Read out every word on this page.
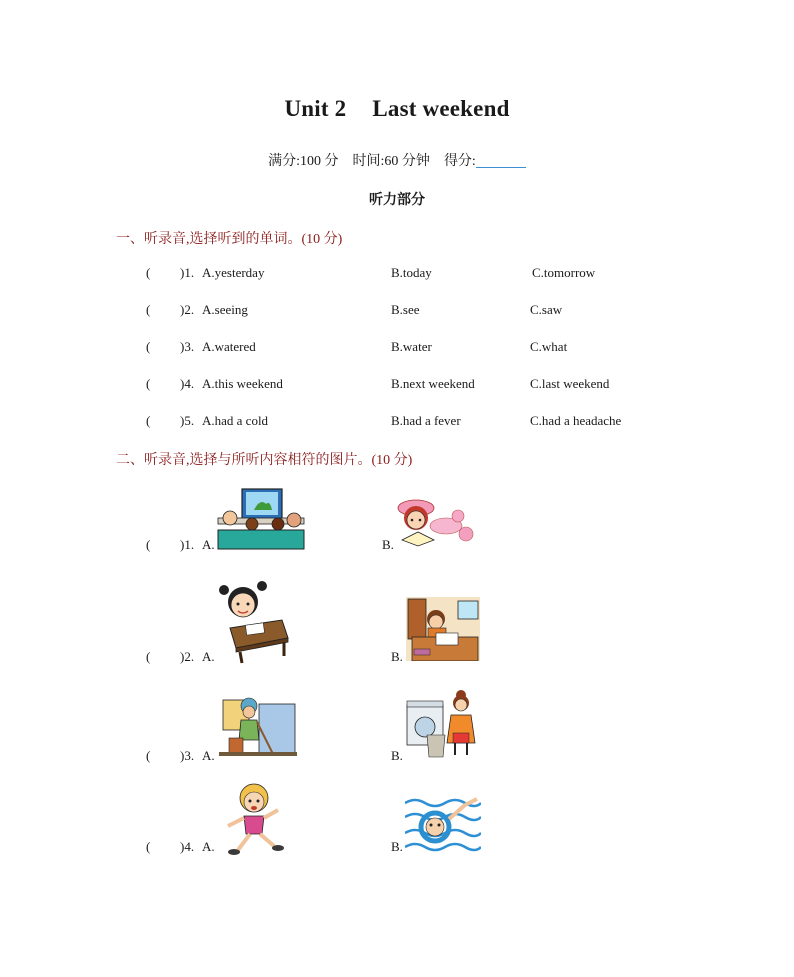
Unit 2 Last weekend
满分:100 分 时间:60 分钟 得分:
听力部分
一、听录音,选择听到的单词。(10 分)
( )1. A.yesterday	B.today	C.tomorrow
( )2. A.seeing	B.see	C.saw
( )3. A.watered	B.water	C.what
( )4. A.this weekend	B.next weekend	C.last weekend
( )5. A.had a cold	B.had a fever	C.had a headache
二、听录音,选择与所听内容相符的图片。(10 分)
( )1. A.	B.
( )2. A.	B.
( )3. A.	B.
( )4. A.	B.
